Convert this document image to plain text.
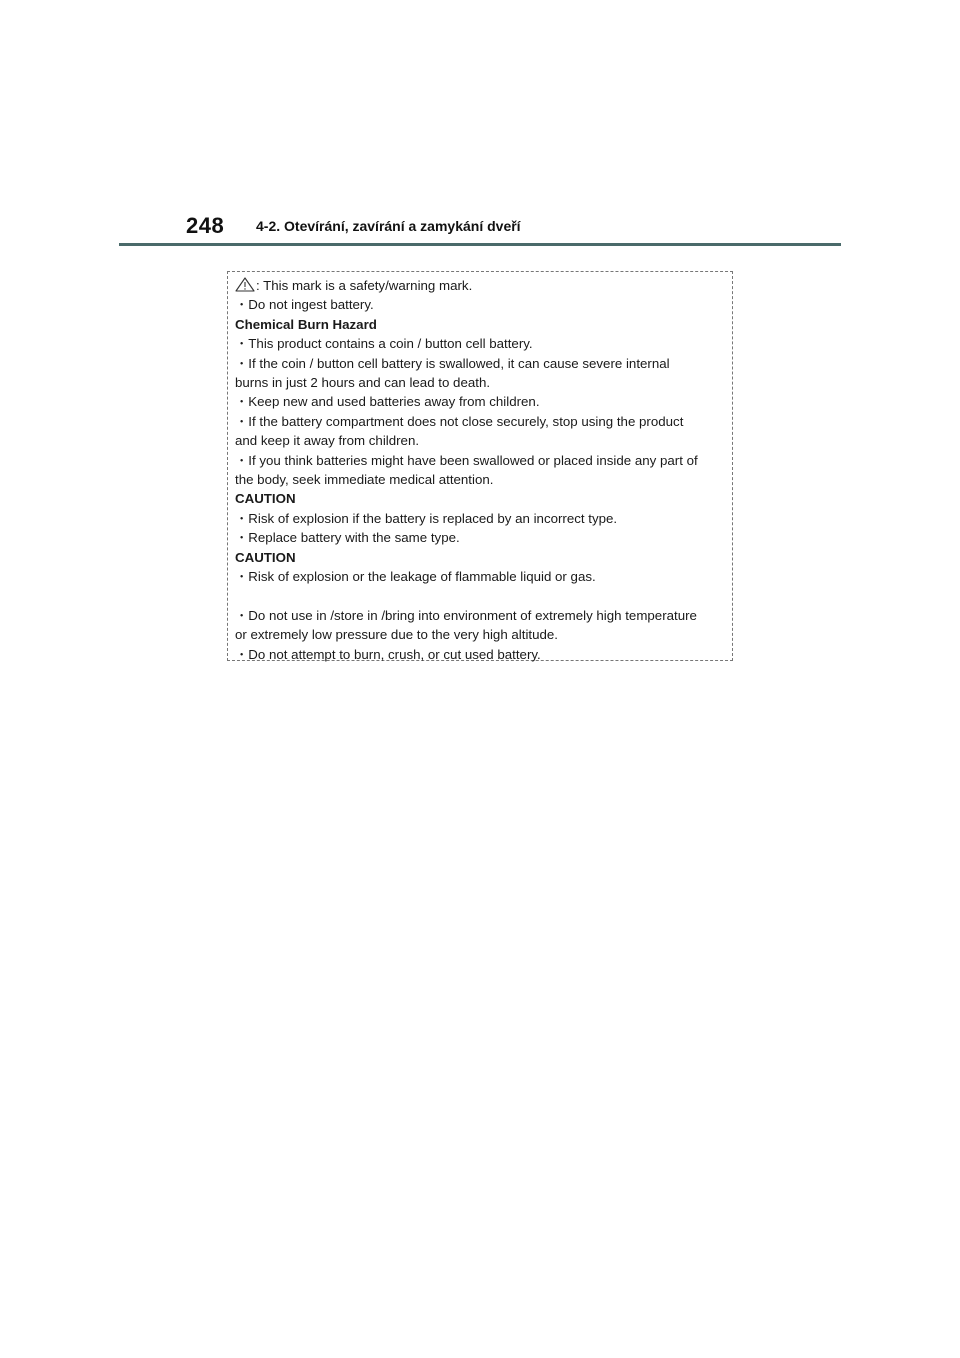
248 4-2. Otevírání, zavírání a zamykání dveří
: This mark is a safety/warning mark.
・Do not ingest battery.
Chemical Burn Hazard
・This product contains a coin / button cell battery.
・If the coin / button cell battery is swallowed, it can cause severe internal
burns in just 2 hours and can lead to death.
・Keep new and used batteries away from children.
・If the battery compartment does not close securely, stop using the product
and keep it away from children.
・If you think batteries might have been swallowed or placed inside any part of
the body, seek immediate medical attention.
CAUTION
・Risk of explosion if the battery is replaced by an incorrect type.
・Replace battery with the same type.
CAUTION
・Risk of explosion or the leakage of flammable liquid or gas.
・Do not use in /store in /bring into environment of extremely high temperature
or extremely low pressure due to the very high altitude.
・Do not attempt to burn, crush, or cut used battery.
